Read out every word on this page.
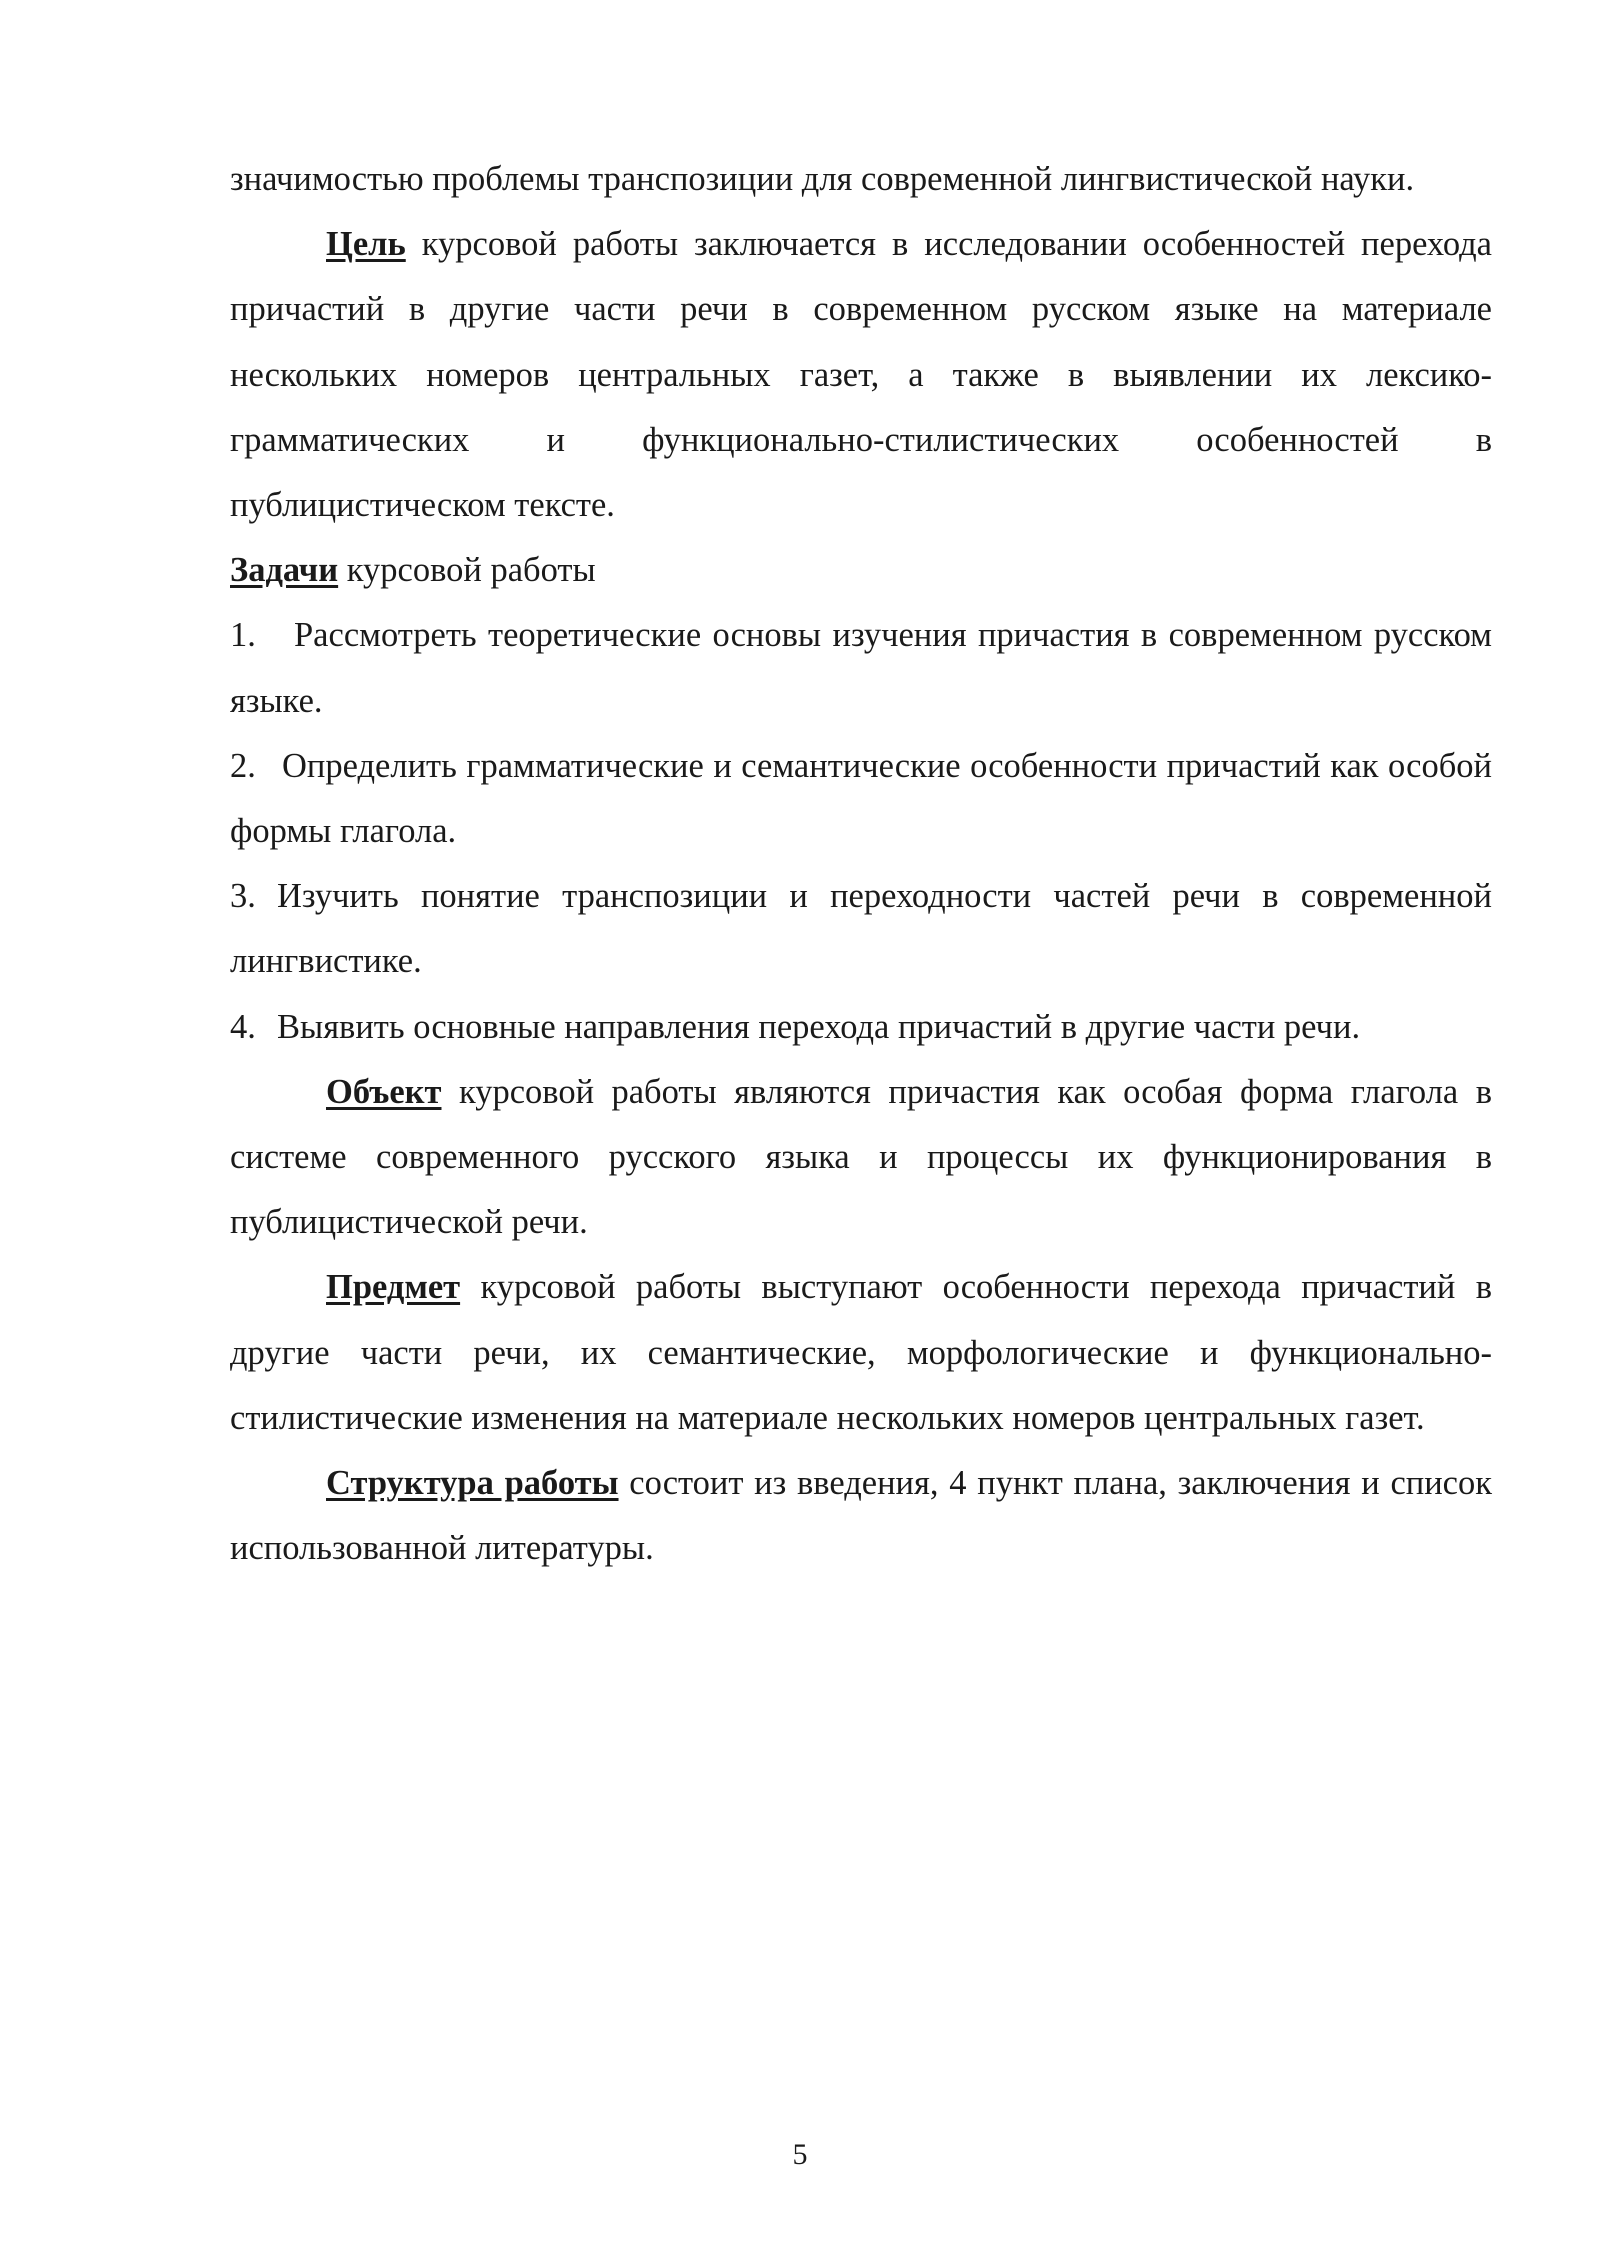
значимостью проблемы транспозиции для современной лингвистической науки.

Цель курсовой работы заключается в исследовании особенностей перехода причастий в другие части речи в современном русском языке на материале нескольких номеров центральных газет, а также в выявлении их лексико-грамматических и функционально-стилистических особенностей в публицистическом тексте.

Задачи курсовой работы

1. Рассмотреть теоретические основы изучения причастия в современном русском языке.

2. Определить грамматические и семантические особенности причастий как особой формы глагола.

3. Изучить понятие транспозиции и переходности частей речи в современной лингвистике.

4. Выявить основные направления перехода причастий в другие части речи.

Объект курсовой работы являются причастия как особая форма глагола в системе современного русского языка и процессы их функционирования в публицистической речи.

Предмет курсовой работы выступают особенности перехода причастий в другие части речи, их семантические, морфологические и функционально-стилистические изменения на материале нескольких номеров центральных газет.

Структура работы состоит из введения, 4 пункт плана, заключения и список использованной литературы.

5
